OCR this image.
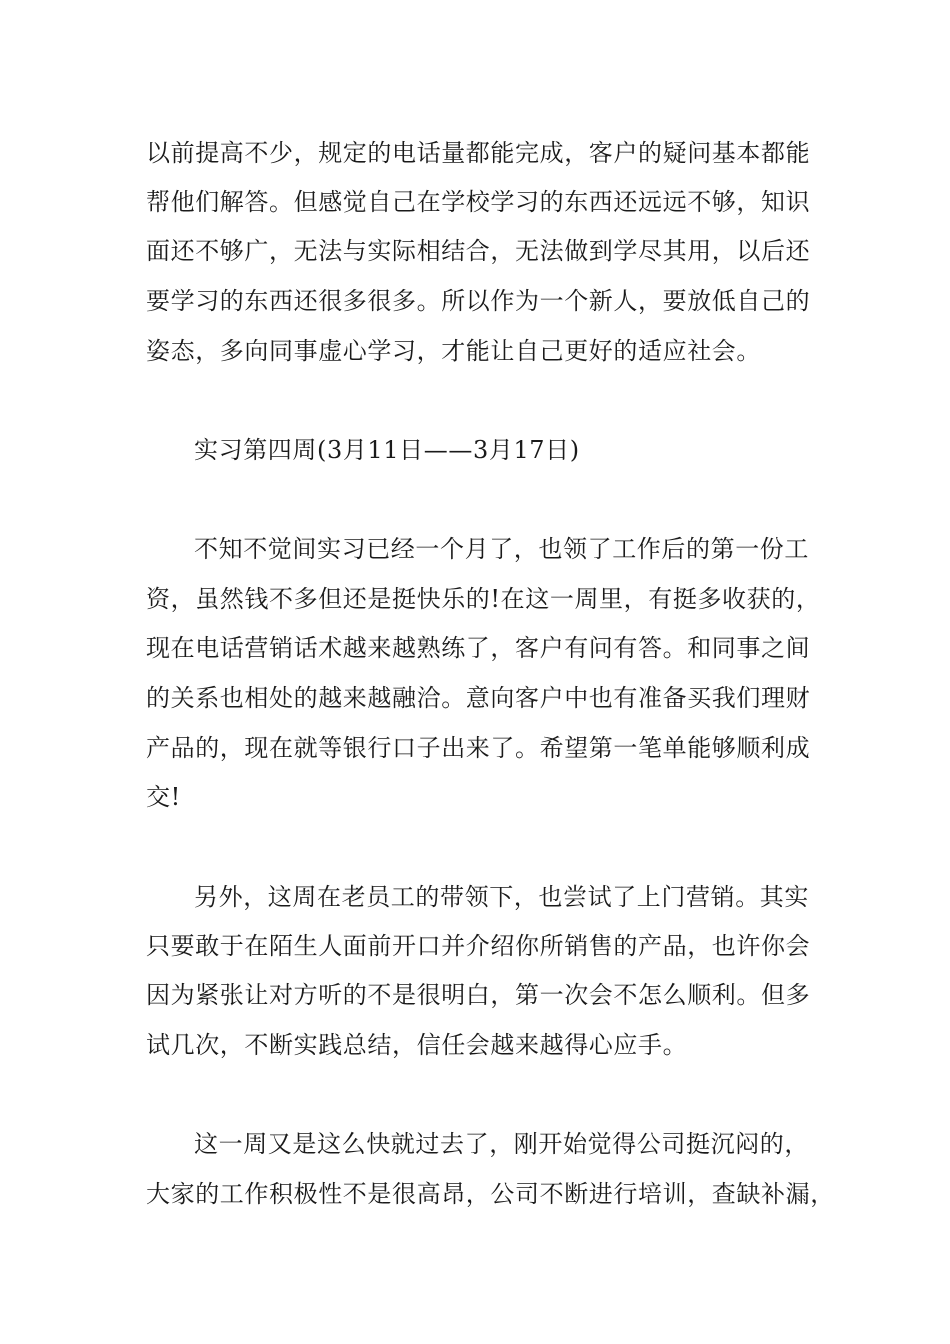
以前提高不少，规定的电话量都能完成，客户的疑问基本都能
帮他们解答。但感觉自己在学校学习的东西还远远不够，知识
面还不够广，无法与实际相结合，无法做到学尽其用，以后还
要学习的东西还很多很多。所以作为一个新人，要放低自己的
姿态，多向同事虚心学习，才能让自己更好的适应社会。
实习第四周(3月11日——3月17日)
不知不觉间实习已经一个月了，也领了工作后的第一份工
资，虽然钱不多但还是挺快乐的!在这一周里，有挺多收获的，
现在电话营销话术越来越熟练了，客户有问有答。和同事之间
的关系也相处的越来越融洽。意向客户中也有准备买我们理财
产品的，现在就等银行口子出来了。希望第一笔单能够顺利成
交!
另外，这周在老员工的带领下，也尝试了上门营销。其实
只要敢于在陌生人面前开口并介绍你所销售的产品，也许你会
因为紧张让对方听的不是很明白，第一次会不怎么顺利。但多
试几次，不断实践总结，信任会越来越得心应手。
这一周又是这么快就过去了，刚开始觉得公司挺沉闷的，
大家的工作积极性不是很高昂，公司不断进行培训，查缺补漏，
